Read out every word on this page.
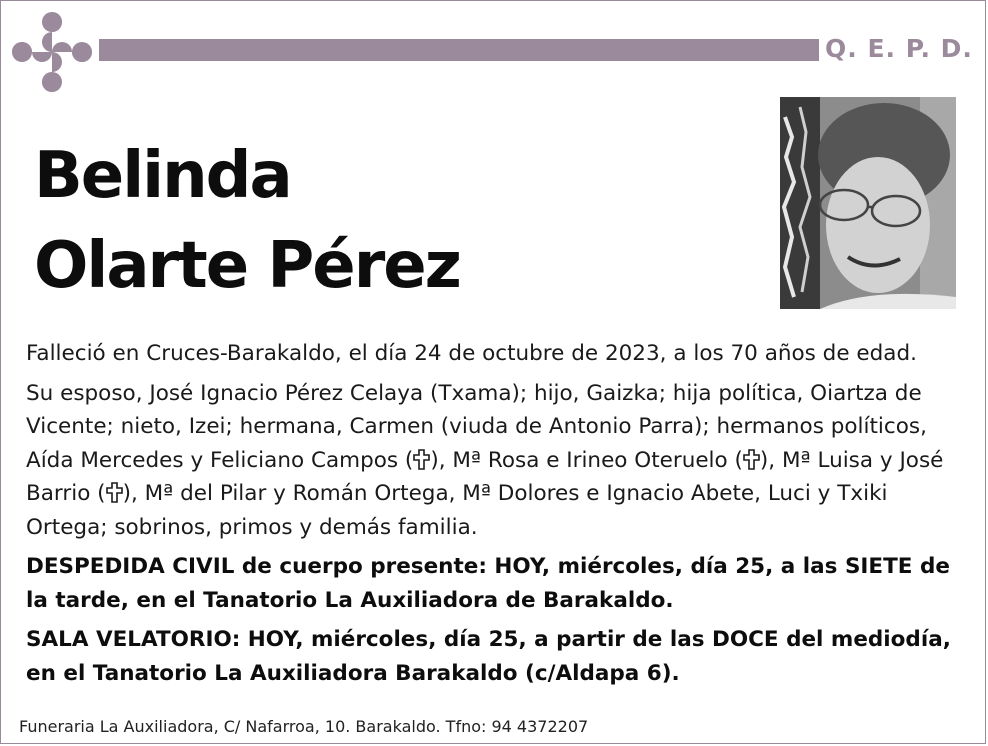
Q. E. P. D.
Belinda
Olarte Pérez

Falleció en Cruces-Barakaldo, el día 24 de octubre de 2023, a los 70 años de edad.

Su esposo, José Ignacio Pérez Celaya (Txama); hijo, Gaizka; hija política, Oiartza de Vicente; nieto, Izei; hermana, Carmen (viuda de Antonio Parra); hermanos políticos, Aída Mercedes y Feliciano Campos ( ), Mª Rosa e Irineo Oteruelo ( ), Mª Luisa y José Barrio ( ), Mª del Pilar y Román Ortega, Mª Dolores e Ignacio Abete, Luci y Txiki Ortega; sobrinos, primos y demás familia.

DESPEDIDA CIVIL de cuerpo presente: HOY, miércoles, día 25, a las SIETE de la tarde, en el Tanatorio La Auxiliadora de Barakaldo.

SALA VELATORIO: HOY, miércoles, día 25, a partir de las DOCE del mediodía, en el Tanatorio La Auxiliadora Barakaldo (c/Aldapa 6).

Funeraria La Auxiliadora, C/ Nafarroa, 10. Barakaldo. Tfno: 94 4372207
